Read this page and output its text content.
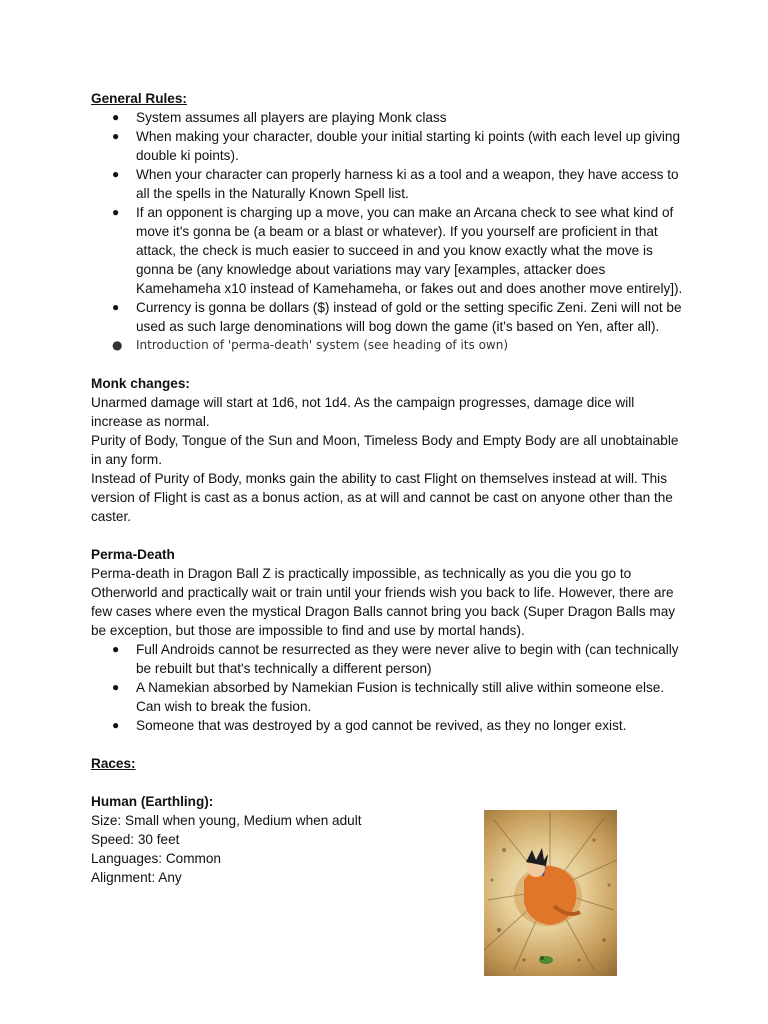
General Rules:
● System assumes all players are playing Monk class
● When making your character, double your initial starting ki points (with each level up giving double ki points).
● When your character can properly harness ki as a tool and a weapon, they have access to all the spells in the Naturally Known Spell list.
● If an opponent is charging up a move, you can make an Arcana check to see what kind of move it's gonna be (a beam or a blast or whatever). If you yourself are proficient in that attack, the check is much easier to succeed in and you know exactly what the move is gonna be (any knowledge about variations may vary [examples, attacker does Kamehameha x10 instead of Kamehameha, or fakes out and does another move entirely]).
● Currency is gonna be dollars ($) instead of gold or the setting specific Zeni. Zeni will not be used as such large denominations will bog down the game (it's based on Yen, after all).
● Introduction of 'perma-death' system (see heading of its own)
Monk changes:

Unarmed damage will start at 1d6, not 1d4. As the campaign progresses, damage dice will increase as normal.

Purity of Body, Tongue of the Sun and Moon, Timeless Body and Empty Body are all unobtainable in any form.

Instead of Purity of Body, monks gain the ability to cast Flight on themselves instead at will. This version of Flight is cast as a bonus action, as at will and cannot be cast on anyone other than the caster.

Perma-Death

Perma-death in Dragon Ball Z is practically impossible, as technically as you die you go to Otherworld and practically wait or train until your friends wish you back to life. However, there are few cases where even the mystical Dragon Balls cannot bring you back (Super Dragon Balls may be exception, but those are impossible to find and use by mortal hands).

● Full Androids cannot be resurrected as they were never alive to begin with (can technically be rebuilt but that's technically a different person)
● A Namekian absorbed by Namekian Fusion is technically still alive within someone else. Can wish to break the fusion.
● Someone that was destroyed by a god cannot be revived, as they no longer exist.
Races:
Human (Earthling):

Size: Small when young, Medium when adult

Speed: 30 feet

Languages: Common

Alignment: Any
